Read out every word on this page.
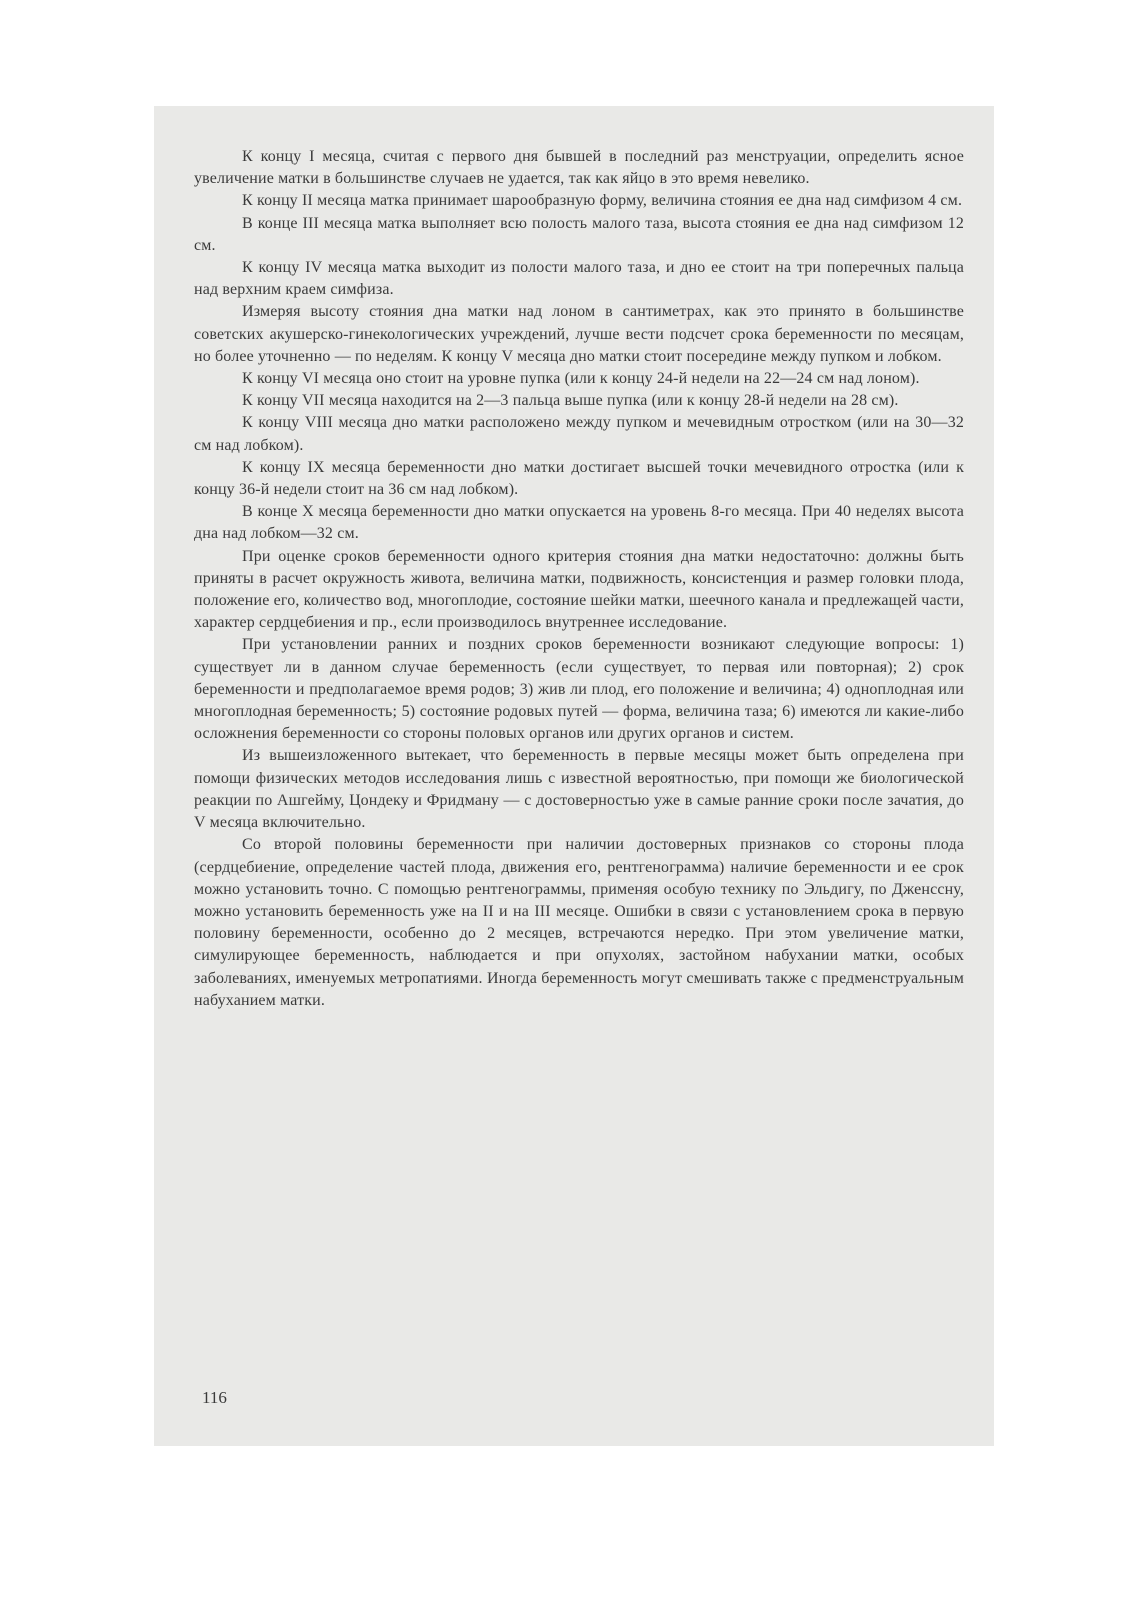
К концу I месяца, считая с первого дня бывшей в последний раз менструации, определить ясное увеличение матки в большинстве случаев не удается, так как яйцо в это время невелико.

К концу II месяца матка принимает шарообразную форму, величина стояния ее дна над симфизом 4 см.

В конце III месяца матка выполняет всю полость малого таза, высота стояния ее дна над симфизом 12 см.

К концу IV месяца матка выходит из полости малого таза, и дно ее стоит на три поперечных пальца над верхним краем симфиза.

Измеряя высоту стояния дна матки над лоном в сантиметрах, как это принято в большинстве советских акушерско-гинекологических учреждений, лучше вести подсчет срока беременности по месяцам, но более уточненно — по неделям. К концу V месяца дно матки стоит посередине между пупком и лобком.

К концу VI месяца оно стоит на уровне пупка (или к концу 24-й недели на 22—24 см над лоном).

К концу VII месяца находится на 2—3 пальца выше пупка (или к концу 28-й недели на 28 см).

К концу VIII месяца дно матки расположено между пупком и мечевидным отростком (или на 30—32 см над лобком).

К концу IX месяца беременности дно матки достигает высшей точки мечевидного отростка (или к концу 36-й недели стоит на 36 см над лобком).

В конце X месяца беременности дно матки опускается на уровень 8-го месяца. При 40 неделях высота дна над лобком—32 см.

При оценке сроков беременности одного критерия стояния дна матки недостаточно: должны быть приняты в расчет окружность живота, величина матки, подвижность, консистенция и размер головки плода, положение его, количество вод, многоплодие, состояние шейки матки, шеечного канала и предлежащей части, характер сердцебиения и пр., если производилось внутреннее исследование.

При установлении ранних и поздних сроков беременности возникают следующие вопросы: 1) существует ли в данном случае беременность (если существует, то первая или повторная); 2) срок беременности и предполагаемое время родов; 3) жив ли плод, его положение и величина; 4) одноплодная или многоплодная беременность; 5) состояние родовых путей — форма, величина таза; 6) имеются ли какие-либо осложнения беременности со стороны половых органов или других органов и систем.

Из вышеизложенного вытекает, что беременность в первые месяцы может быть определена при помощи физических методов исследования лишь с известной вероятностью, при помощи же биологической реакции по Ашгейму, Цондеку и Фридману — с достоверностью уже в самые ранние сроки после зачатия, до V месяца включительно.

Со второй половины беременности при наличии достоверных признаков со стороны плода (сердцебиение, определение частей плода, движения его, рентгенограмма) наличие беременности и ее срок можно установить точно. С помощью рентгенограммы, применяя особую технику по Эльдигу, по Дженссну, можно установить беременность уже на II и на III месяце. Ошибки в связи с установлением срока в первую половину беременности, особенно до 2 месяцев, встречаются нередко. При этом увеличение матки, симулирующее беременность, наблюдается и при опухолях, застойном набухании матки, особых заболеваниях, именуемых метропатиями. Иногда беременность могут смешивать также с предменструальным набуханием матки.

116
